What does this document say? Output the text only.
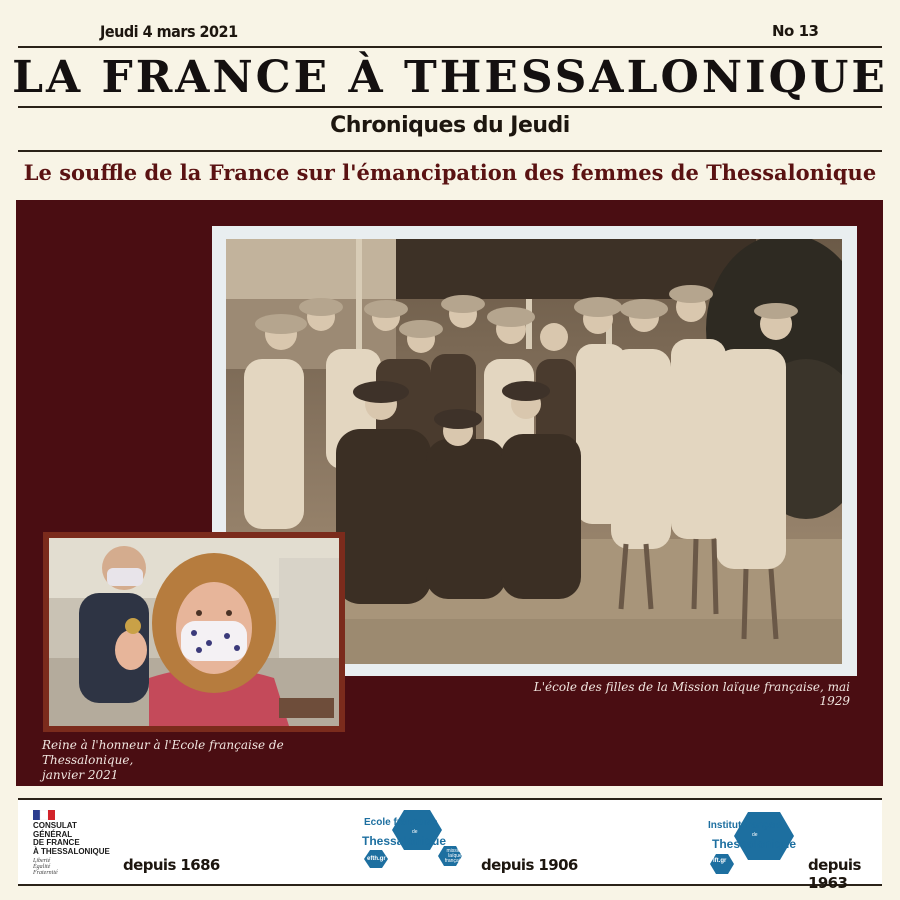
Jeudi 4 mars 2021	No 13
LA FRANCE À THESSALONIQUE
Chroniques du Jeudi
Le souffle de la France sur l'émancipation des femmes de Thessalonique
L'école des filles de la Mission laïque française, mai 1929
Reine à l'honneur à l'Ecole française de Thessalonique,
janvier 2021
CONSULAT
GÉNÉRAL
DE FRANCE
À THESSALONIQUE
Liberté
Égalité
Fraternité	depuis 1686
Ecole française
de
Thessalonique
efth.gr
mission
laïque
française depuis 1906
Institut français
de
Thessalonique
ift.gr	depuis 1963
